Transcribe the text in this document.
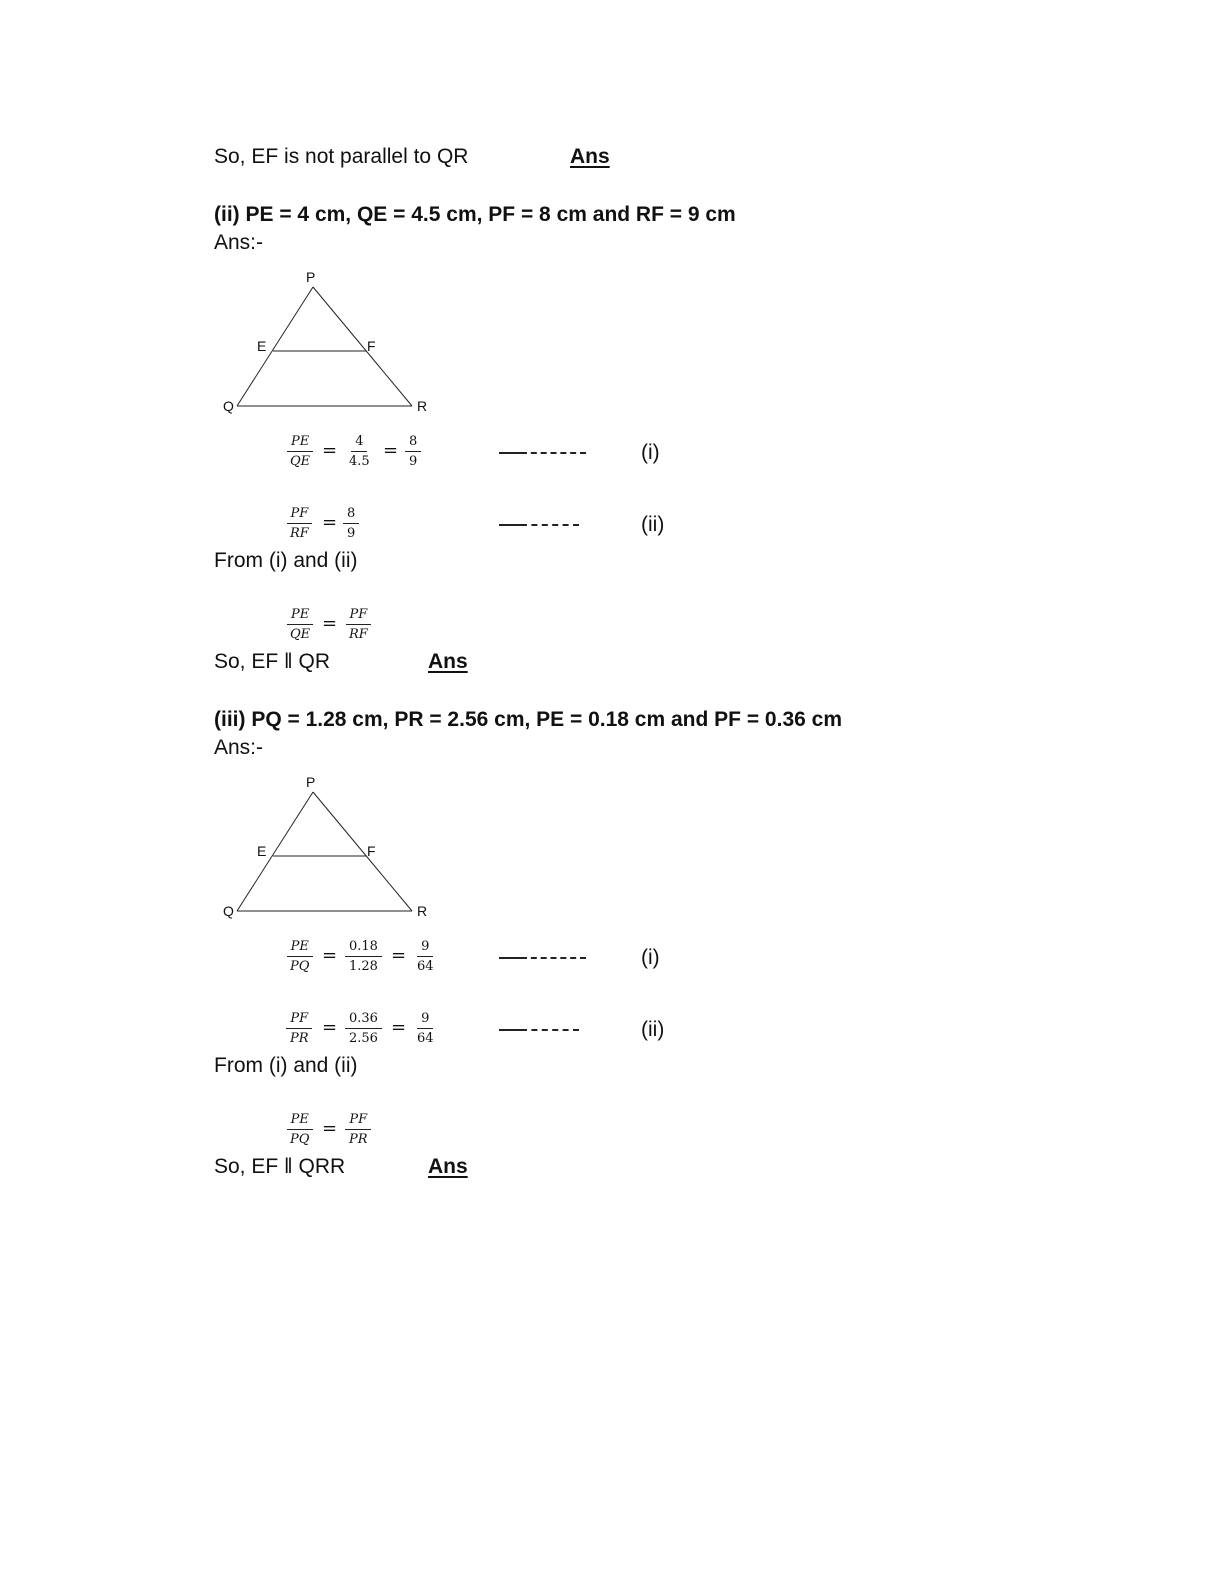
So, EF is not parallel to QR	Ans
(ii) PE = 4 cm, QE = 4.5 cm, PF = 8 cm and RF = 9 cm
Ans:-
P
E	F
Q	R
$\frac{PE}{QE} = \frac{4}{4.5} = \frac{8}{9}$	(i)
$\frac{PF}{RF} = \frac{8}{9}$	(ii)
From (i) and (ii)
$\frac{PE}{QE} = \frac{PF}{RF}$
So, EF ‖ QR	Ans
(iii) PQ = 1.28 cm, PR = 2.56 cm, PE = 0.18 cm and PF = 0.36 cm
Ans:-
P
E	F
Q	R
$\frac{PE}{PQ} = \frac{0.18}{1.28} = \frac{9}{64}$	(i)
$\frac{PF}{PR} = \frac{0.36}{2.56} = \frac{9}{64}$	(ii)
From (i) and (ii)
$\frac{PE}{PQ} = \frac{PF}{PR}$
So, EF ‖ QRR	Ans
